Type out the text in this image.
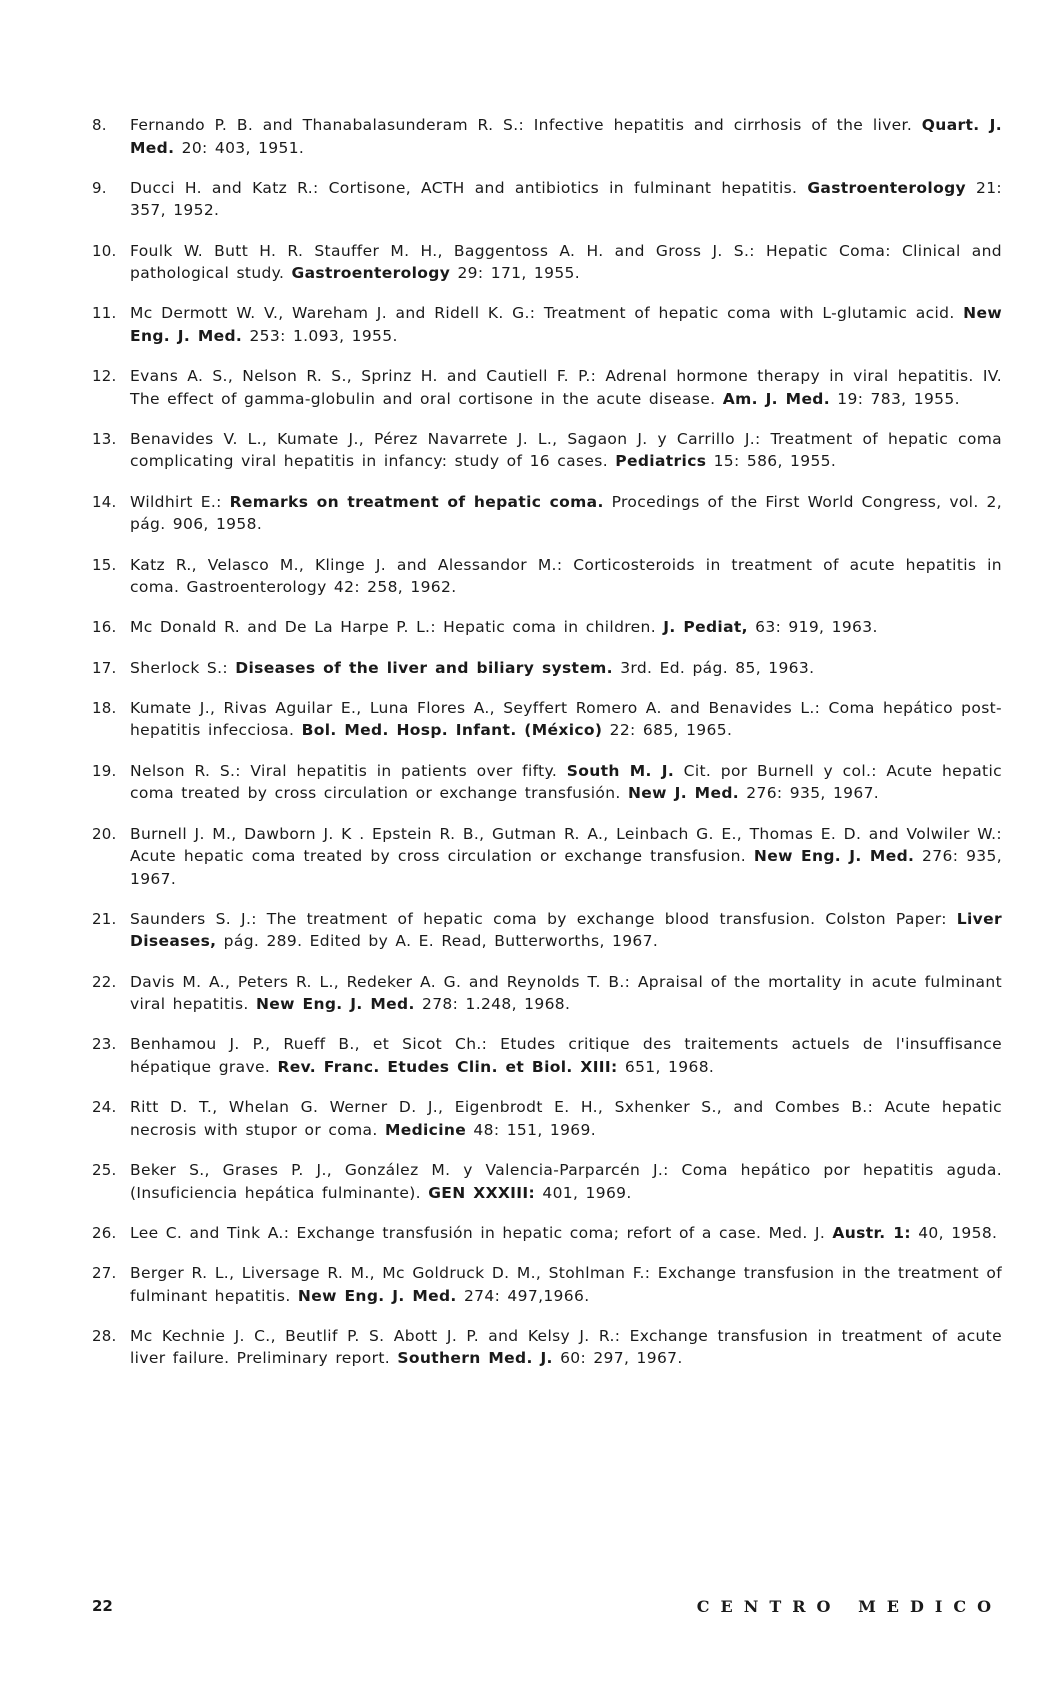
8.	Fernando P. B. and Thanabalasunderam R. S.: Infective hepatitis and cirrhosis of the liver. Quart. J. Med. 20: 403, 1951.
9.	Ducci H. and Katz R.: Cortisone, ACTH and antibiotics in fulminant hepatitis. Gastroenterology 21: 357, 1952.
10. Foulk W. Butt H. R. Stauffer M. H., Baggentoss A. H. and Gross J. S.: Hepatic Coma: Clinical and pathological study. Gastroenterology 29: 171, 1955.
11. Mc Dermott W. V., Wareham J. and Ridell K. G.: Treatment of hepatic coma with L-glutamic acid. New Eng. J. Med. 253: 1.093, 1955.
12. Evans A. S., Nelson R. S., Sprinz H. and Cautiell F. P.: Adrenal hormone therapy in viral hepatitis. IV. The effect of gamma-globulin and oral cortisone in the acute disease. Am. J. Med. 19: 783, 1955.
13. Benavides V. L., Kumate J., Pérez Navarrete J. L., Sagaon J. y Carrillo J.: Treatment of hepatic coma complicating viral hepatitis in infancy: study of 16 cases. Pediatrics 15: 586, 1955.
14. Wildhirt E.: Remarks on treatment of hepatic coma. Procedings of the First World Congress, vol. 2, pág. 906, 1958.
15. Katz R., Velasco M., Klinge J. and Alessandor M.: Corticosteroids in treatment of acute hepatitis in coma. Gastroenterology 42: 258, 1962.
16. Mc Donald R. and De La Harpe P. L.: Hepatic coma in children. J. Pediat, 63: 919, 1963.
17. Sherlock S.: Diseases of the liver and biliary system. 3rd. Ed. pág. 85, 1963.
18. Kumate J., Rivas Aguilar E., Luna Flores A., Seyffert Romero A. and Benavides L.: Coma hepático post-hepatitis infecciosa. Bol. Med. Hosp. Infant. (México) 22: 685, 1965.
19. Nelson R. S.: Viral hepatitis in patients over fifty. South M. J. Cit. por Burnell y col.: Acute hepatic coma treated by cross circulation or exchange transfusión. New J. Med. 276: 935, 1967.
20. Burnell J. M., Dawborn J. K . Epstein R. B., Gutman R. A., Leinbach G. E., Thomas E. D. and Volwiler W.: Acute hepatic coma treated by cross circulation or exchange transfusion. New Eng. J. Med. 276: 935, 1967.
21. Saunders S. J.: The treatment of hepatic coma by exchange blood transfusion. Colston Paper: Liver Diseases, pág. 289. Edited by A. E. Read, Butterworths, 1967.
22. Davis M. A., Peters R. L., Redeker A. G. and Reynolds T. B.: Apraisal of the mortality in acute fulminant viral hepatitis. New Eng. J. Med. 278: 1.248, 1968.
23. Benhamou J. P., Rueff B., et Sicot Ch.: Etudes critique des traitements actuels de l'insuffisance hépatique grave. Rev. Franc. Etudes Clin. et Biol. XIII: 651, 1968.
24. Ritt D. T., Whelan G. Werner D. J., Eigenbrodt E. H., Sxhenker S., and Combes B.: Acute hepatic necrosis with stupor or coma. Medicine 48: 151, 1969.
25. Beker S., Grases P. J., González M. y Valencia-Parparcén J.: Coma hepático por hepatitis aguda. (Insuficiencia hepática fulminante). GEN XXXIII: 401, 1969.
26. Lee C. and Tink A.: Exchange transfusión in hepatic coma; refort of a case. Med. J. Austr. 1: 40, 1958.
27. Berger R. L., Liversage R. M., Mc Goldruck D. M., Stohlman F.: Exchange transfusion in the treatment of fulminant hepatitis. New Eng. J. Med. 274: 497,1966.
28. Mc Kechnie J. C., Beutlif P. S. Abott J. P. and Kelsy J. R.: Exchange transfusion in treatment of acute liver failure. Preliminary report. Southern Med. J. 60: 297, 1967.
22	CENTRO MEDICO
